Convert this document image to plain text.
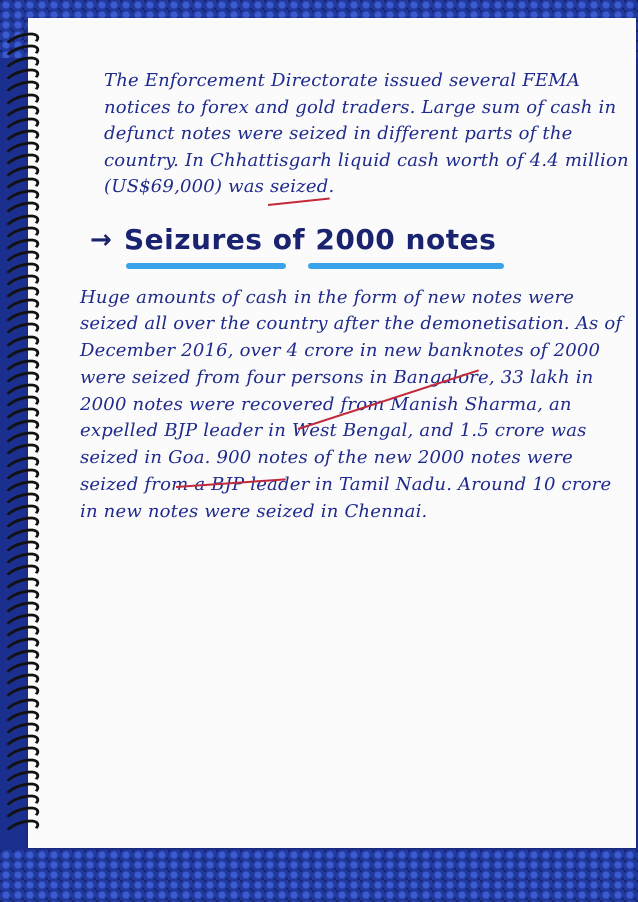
The Enforcement Directorate issued several FEMA notices to forex and gold traders. Large sum of cash in defunct notes were seized in different parts of the country. In Chhattisgarh liquid cash worth of 4.4 million (US$69,000) was seized.

→ Seizures of 2000 notes

Huge amounts of cash in the form of new notes were seized all over the country after the demonetisation. As of December 2016, over 4 crore in new banknotes of 2000 were seized from four persons in Bangalore, 33 lakh in 2000 notes were recovered from Manish Sharma, an expelled BJP leader in West Bengal, and 1.5 crore was seized in Goa. 900 notes of the new 2000 notes were seized from a BJP leader in Tamil Nadu. Around 10 crore in new notes were seized in Chennai.
